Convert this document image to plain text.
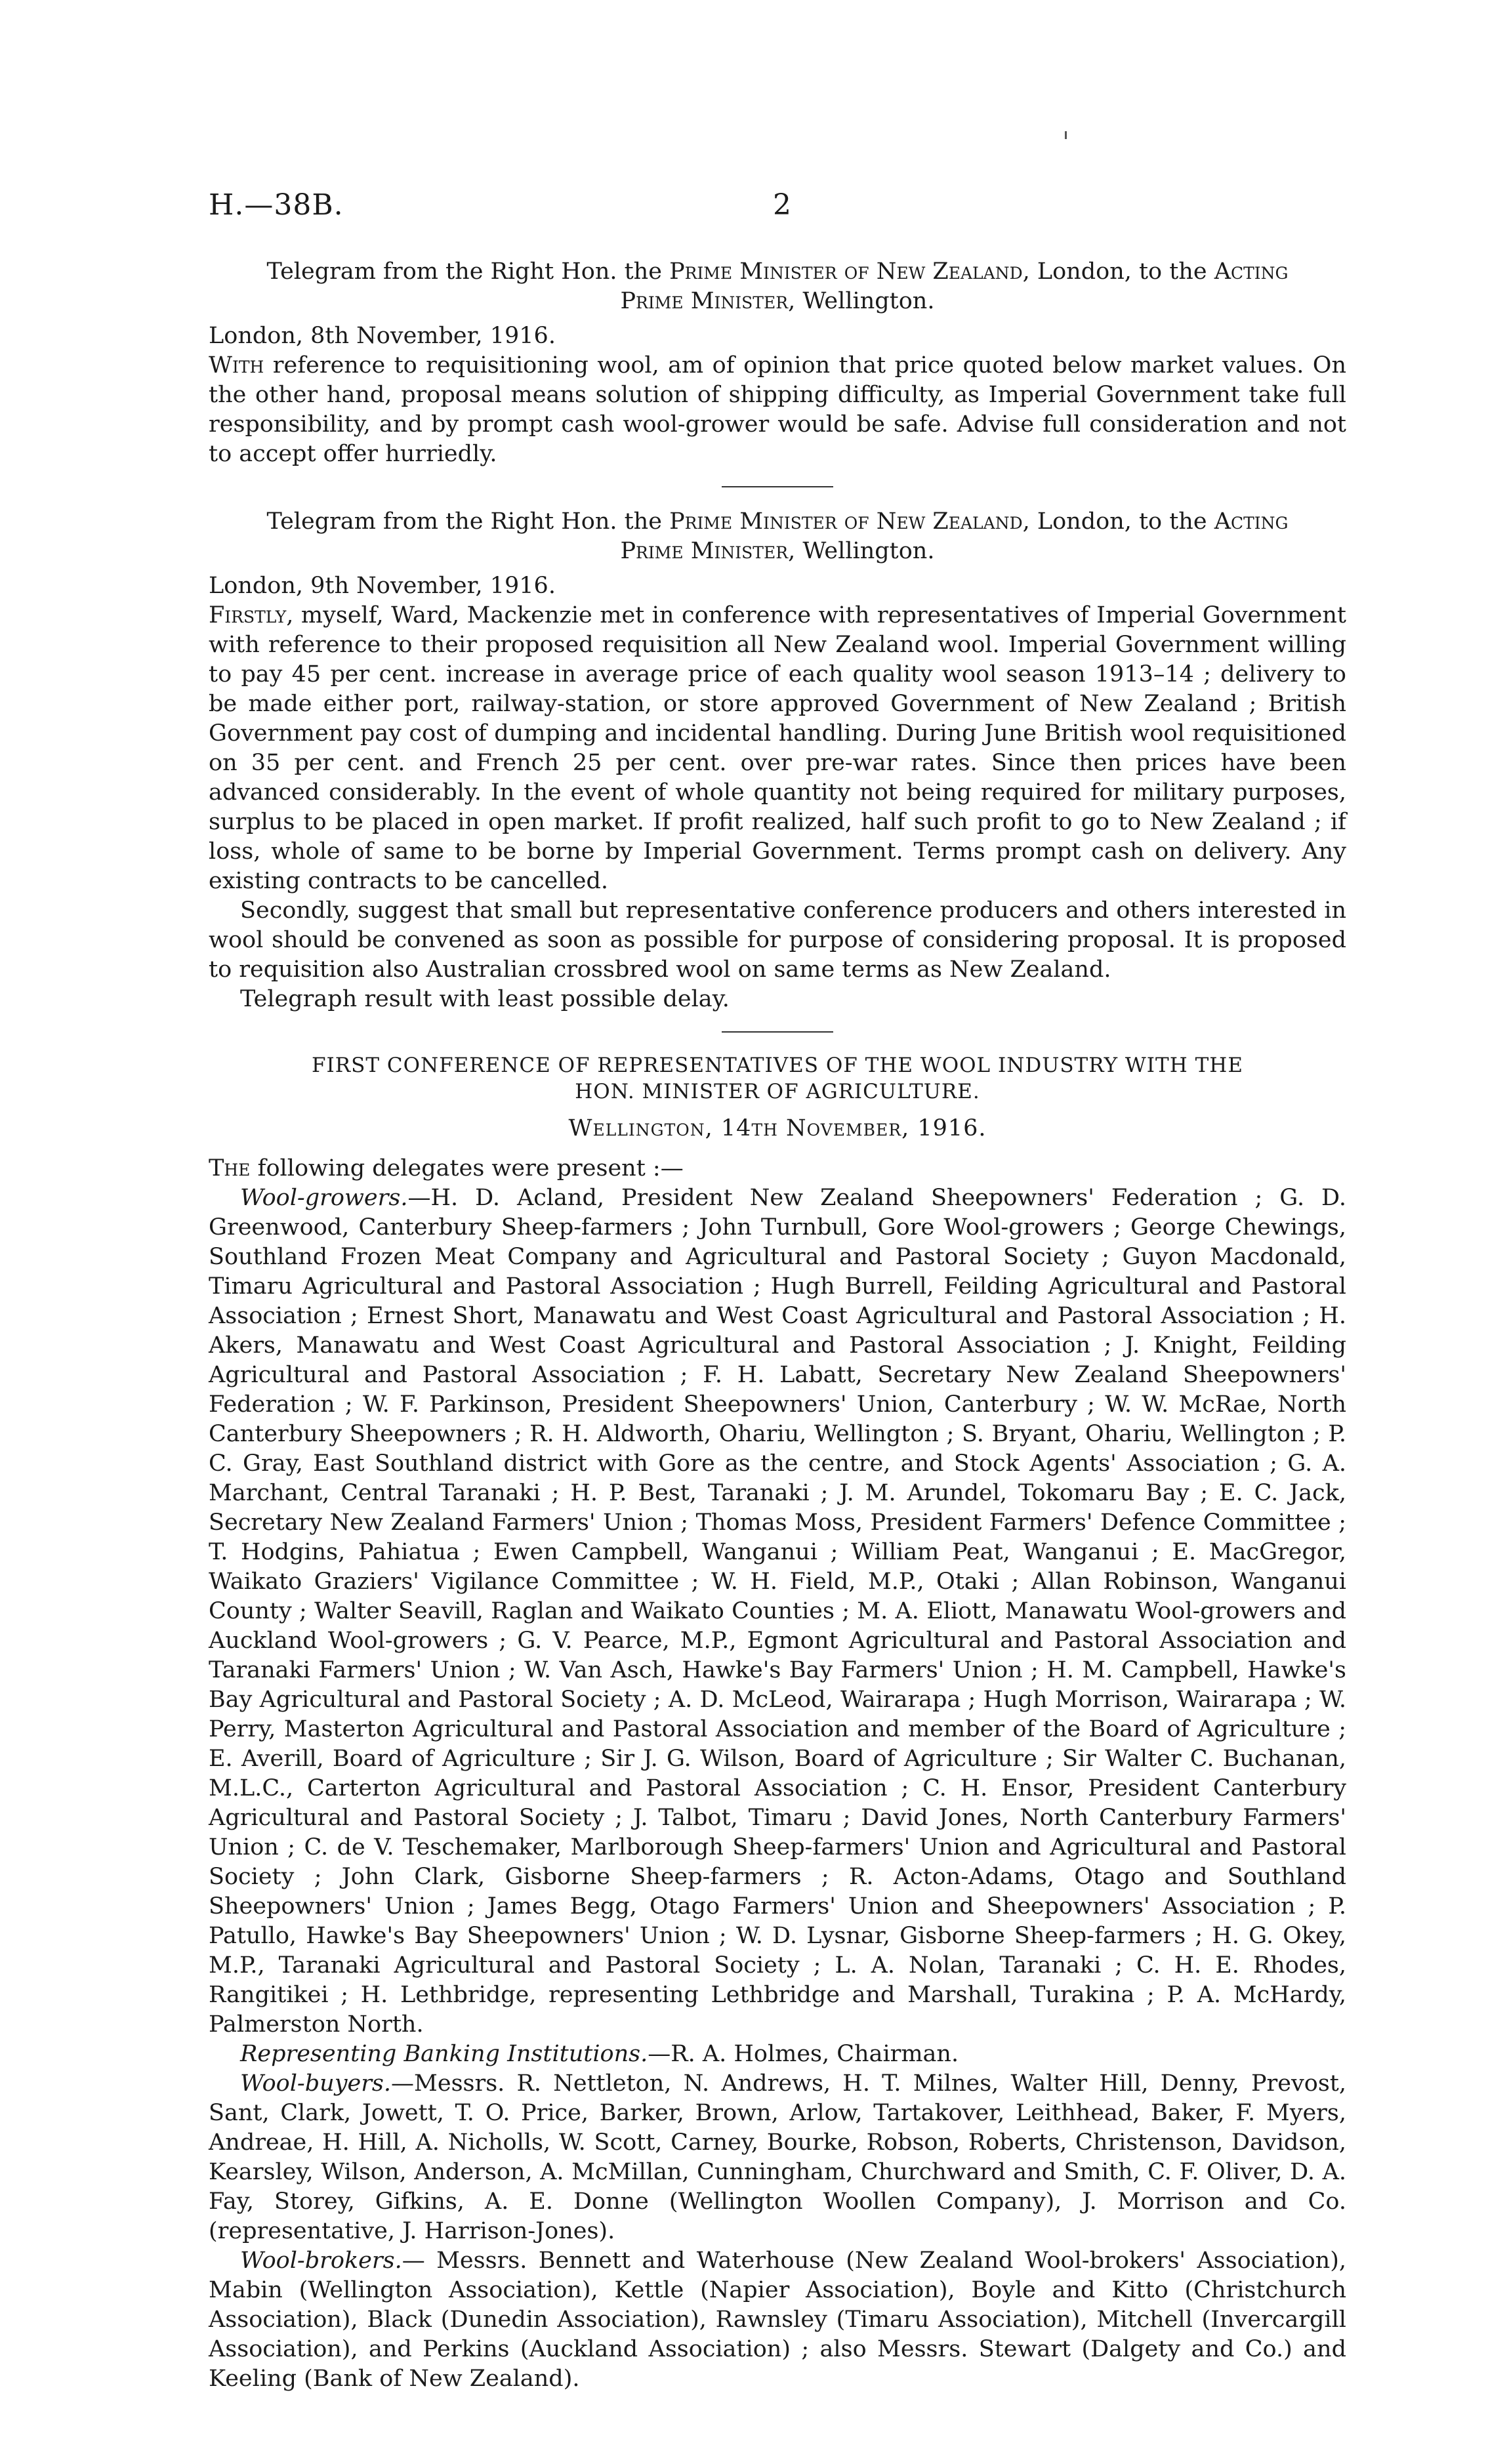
H.—38B.	2

Telegram from the Right Hon. the Prime Minister of New Zealand, London, to the Acting
Prime Minister, Wellington.

London, 8th November, 1916.

With reference to requisitioning wool, am of opinion that price quoted below market values. On the other hand, proposal means solution of shipping difficulty, as Imperial Government take full responsibility, and by prompt cash wool-grower would be safe. Advise full consideration and not to accept offer hurriedly.

Telegram from the Right Hon. the Prime Minister of New Zealand, London, to the Acting
Prime Minister, Wellington.

London, 9th November, 1916.

Firstly, myself, Ward, Mackenzie met in conference with representatives of Imperial Government with reference to their proposed requisition all New Zealand wool. Imperial Government willing to pay 45 per cent. increase in average price of each quality wool season 1913–14 ; delivery to be made either port, railway-station, or store approved Government of New Zealand ; British Government pay cost of dumping and incidental handling. During June British wool requisitioned on 35 per cent. and French 25 per cent. over pre-war rates. Since then prices have been advanced considerably. In the event of whole quantity not being required for military purposes, surplus to be placed in open market. If profit realized, half such profit to go to New Zealand ; if loss, whole of same to be borne by Imperial Government. Terms prompt cash on delivery. Any existing contracts to be cancelled.

Secondly, suggest that small but representative conference producers and others interested in wool should be convened as soon as possible for purpose of considering proposal. It is proposed to requisition also Australian crossbred wool on same terms as New Zealand.

Telegraph result with least possible delay.

FIRST CONFERENCE OF REPRESENTATIVES OF THE WOOL INDUSTRY WITH THE
HON. MINISTER OF AGRICULTURE.

Wellington, 14th November, 1916.

The following delegates were present :—

Wool-growers.—H. D. Acland, President New Zealand Sheepowners' Federation ; G. D. Greenwood, Canterbury Sheep-farmers ; John Turnbull, Gore Wool-growers ; George Chewings, Southland Frozen Meat Company and Agricultural and Pastoral Society ; Guyon Macdonald, Timaru Agricultural and Pastoral Association ; Hugh Burrell, Feilding Agricultural and Pastoral Association ; Ernest Short, Manawatu and West Coast Agricultural and Pastoral Association ; H. Akers, Manawatu and West Coast Agricultural and Pastoral Association ; J. Knight, Feilding Agricultural and Pastoral Association ; F. H. Labatt, Secretary New Zealand Sheepowners' Federation ; W. F. Parkinson, President Sheepowners' Union, Canterbury ; W. W. McRae, North Canterbury Sheepowners ; R. H. Aldworth, Ohariu, Wellington ; S. Bryant, Ohariu, Wellington ; P. C. Gray, East Southland district with Gore as the centre, and Stock Agents' Association ; G. A. Marchant, Central Taranaki ; H. P. Best, Taranaki ; J. M. Arundel, Tokomaru Bay ; E. C. Jack, Secretary New Zealand Farmers' Union ; Thomas Moss, President Farmers' Defence Committee ; T. Hodgins, Pahiatua ; Ewen Campbell, Wanganui ; William Peat, Wanganui ; E. MacGregor, Waikato Graziers' Vigilance Committee ; W. H. Field, M.P., Otaki ; Allan Robinson, Wanganui County ; Walter Seavill, Raglan and Waikato Counties ; M. A. Eliott, Manawatu Wool-growers and Auckland Wool-growers ; G. V. Pearce, M.P., Egmont Agricultural and Pastoral Association and Taranaki Farmers' Union ; W. Van Asch, Hawke's Bay Farmers' Union ; H. M. Campbell, Hawke's Bay Agricultural and Pastoral Society ; A. D. McLeod, Wairarapa ; Hugh Morrison, Wairarapa ; W. Perry, Masterton Agricultural and Pastoral Association and member of the Board of Agriculture ; E. Averill, Board of Agriculture ; Sir J. G. Wilson, Board of Agriculture ; Sir Walter C. Buchanan, M.L.C., Carterton Agricultural and Pastoral Association ; C. H. Ensor, President Canterbury Agricultural and Pastoral Society ; J. Talbot, Timaru ; David Jones, North Canterbury Farmers' Union ; C. de V. Teschemaker, Marlborough Sheep-farmers' Union and Agricultural and Pastoral Society ; John Clark, Gisborne Sheep-farmers ; R. Acton-Adams, Otago and Southland Sheepowners' Union ; James Begg, Otago Farmers' Union and Sheepowners' Association ; P. Patullo, Hawke's Bay Sheepowners' Union ; W. D. Lysnar, Gisborne Sheep-farmers ; H. G. Okey, M.P., Taranaki Agricultural and Pastoral Society ; L. A. Nolan, Taranaki ; C. H. E. Rhodes, Rangitikei ; H. Lethbridge, representing Lethbridge and Marshall, Turakina ; P. A. McHardy, Palmerston North.

Representing Banking Institutions.—R. A. Holmes, Chairman.

Wool-buyers.—Messrs. R. Nettleton, N. Andrews, H. T. Milnes, Walter Hill, Denny, Prevost, Sant, Clark, Jowett, T. O. Price, Barker, Brown, Arlow, Tartakover, Leithhead, Baker, F. Myers, Andreae, H. Hill, A. Nicholls, W. Scott, Carney, Bourke, Robson, Roberts, Christenson, Davidson, Kearsley, Wilson, Anderson, A. McMillan, Cunningham, Churchward and Smith, C. F. Oliver, D. A. Fay, Storey, Gifkins, A. E. Donne (Wellington Woollen Company), J. Morrison and Co. (representative, J. Harrison-Jones).

Wool-brokers.— Messrs. Bennett and Waterhouse (New Zealand Wool-brokers' Association), Mabin (Wellington Association), Kettle (Napier Association), Boyle and Kitto (Christchurch Association), Black (Dunedin Association), Rawnsley (Timaru Association), Mitchell (Invercargill Association), and Perkins (Auckland Association) ; also Messrs. Stewart (Dalgety and Co.) and Keeling (Bank of New Zealand).
